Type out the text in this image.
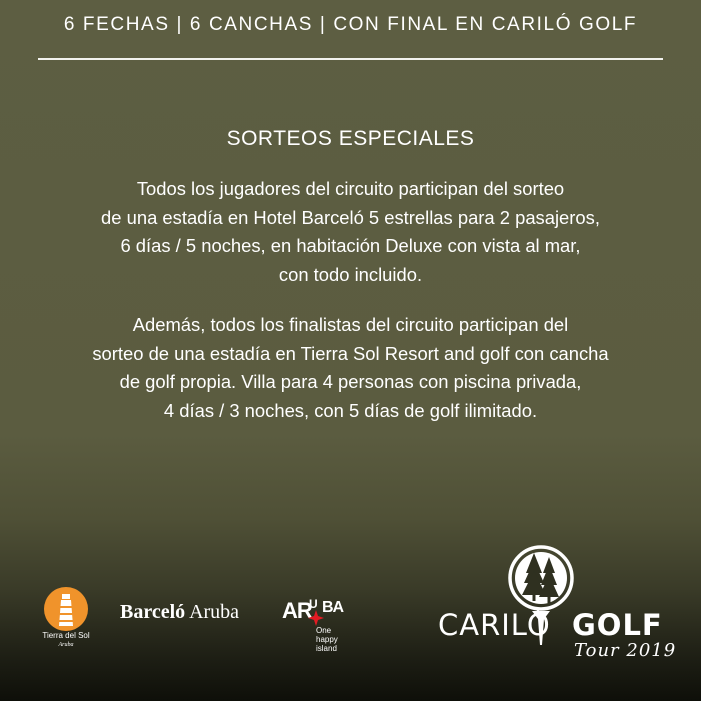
6 FECHAS | 6 CANCHAS | CON FINAL EN CARILÓ GOLF
SORTEOS ESPECIALES
Todos los jugadores del circuito participan del sorteo
de una estadía en Hotel Barceló 5 estrellas para 2 pasajeros,
6 días / 5 noches, en habitación Deluxe con vista al mar,
con todo incluido.
Además, todos los finalistas del circuito participan del
sorteo de una estadía en Tierra Sol Resort and golf con cancha
de golf propia. Villa para 4 personas con piscina privada,
4 días / 3 noches, con 5 días de golf ilimitado.
Tierra del Sol
Aruba
Barceló Aruba AR BA
U
One happy
island
CARILÓ GOLF
Tour 2019
